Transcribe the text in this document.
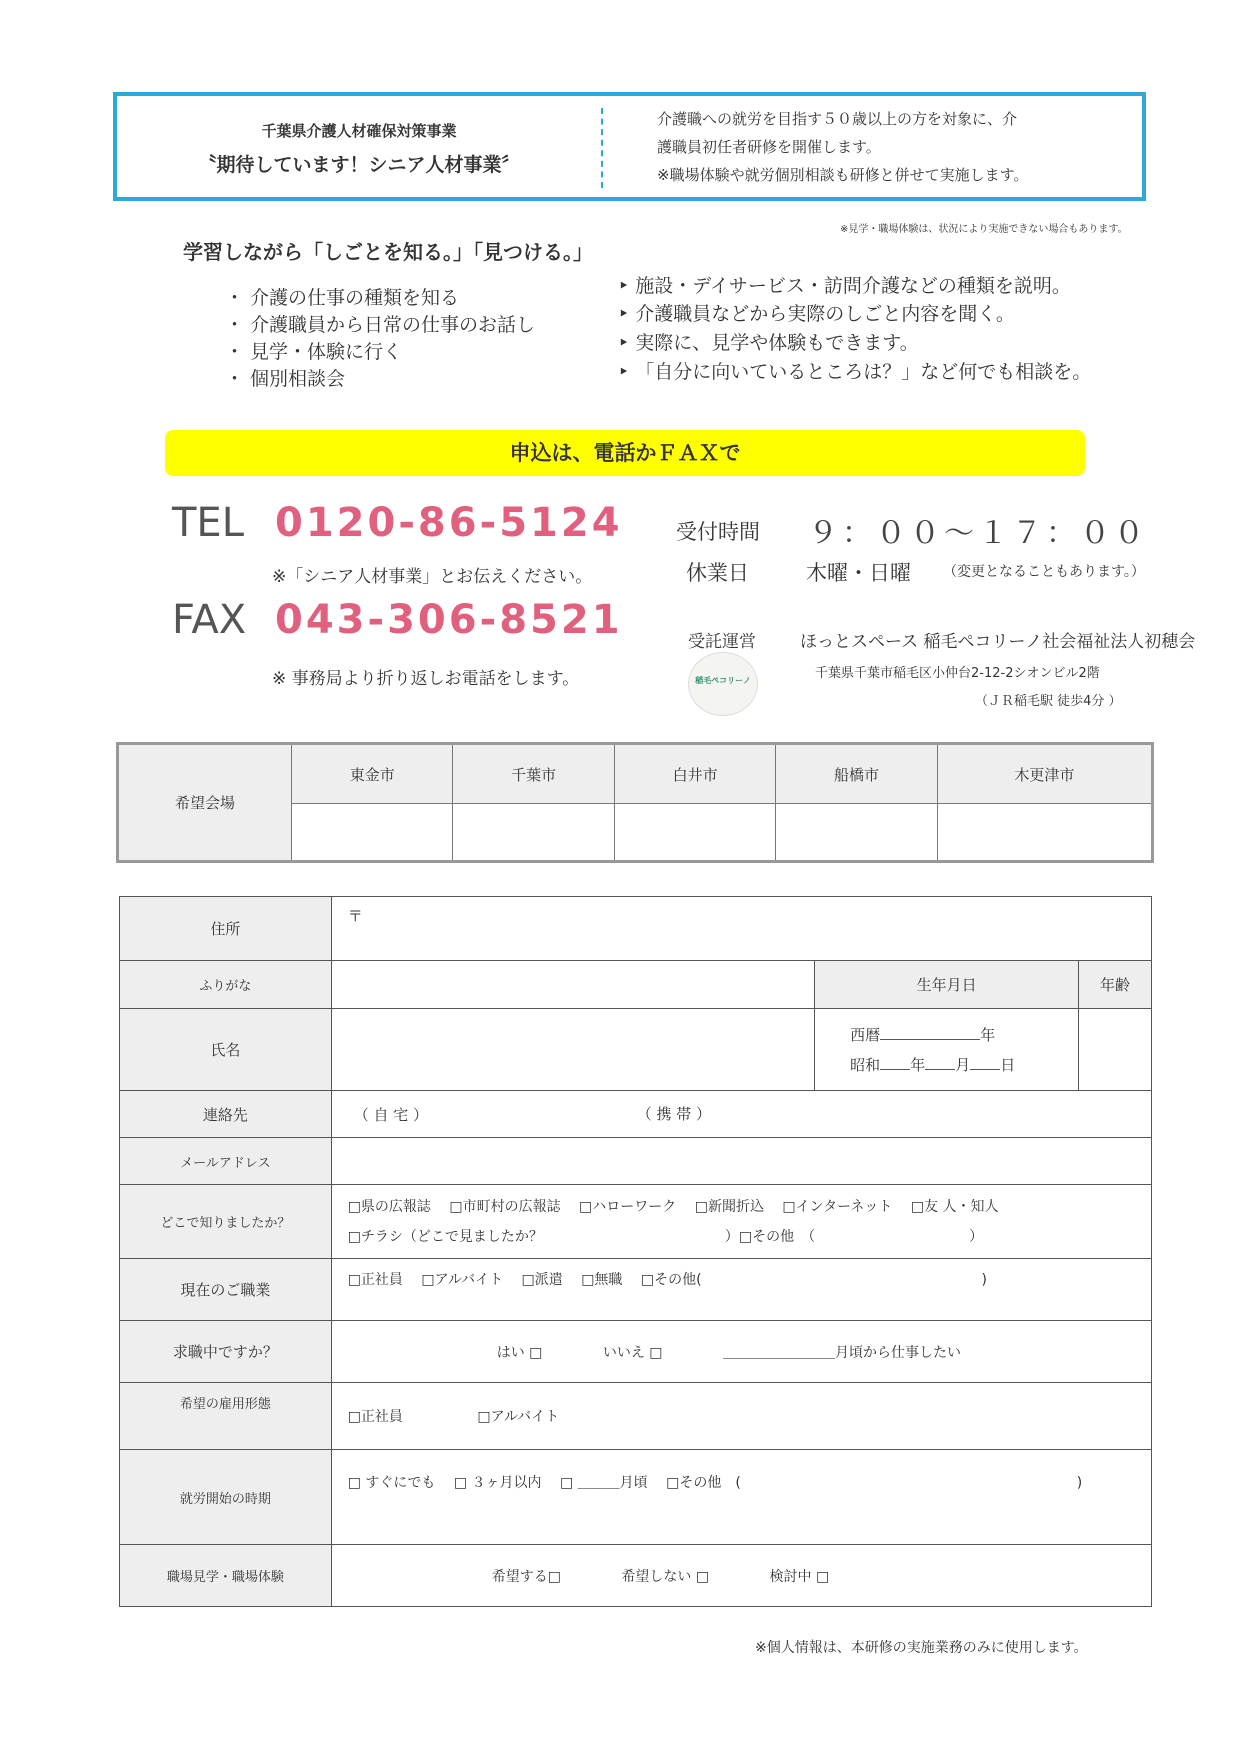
千葉県介護人材確保対策事業
〝期待しています！シニア人材事業〞
介護職への就労を目指す５０歳以上の方を対象に、介
護職員初任者研修を開催します。
※職場体験や就労個別相談も研修と併せて実施します。
※見学・職場体験は、状況により実施できない場合もあります。
学習しながら「しごとを知る。」「見つける。」
・ 介護の仕事の種類を知る
・ 介護職員から日常の仕事のお話し
・ 見学・体験に行く
・ 個別相談会
‣ 施設・デイサービス・訪問介護などの種類を説明。
‣ 介護職員などから実際のしごと内容を聞く。
‣ 実際に、見学や体験もできます。
‣ 「自分に向いているところは？」など何でも相談を。
申込は、電話かＦＡＸで
TEL 0120-86-5124
※「シニア人材事業」とお伝えください。
受付時間 ９：００～１７：００
休業日	木曜・日曜 （変更となることもあります。）
FAX 043-306-8521
※ 事務局より折り返しお電話をします。
受託運営	ほっとスペース 稲毛ペコリーノ社会福祉法人初穂会
稲毛ペコリーノ	千葉県千葉市稲毛区小仲台2-12-2シオンビル2階
（ＪＲ稲毛駅 徒歩4分 ）
希望会場	東金市	千葉市	白井市	船橋市	木更津市

住所	〒		
ふりがな		生年月日	年齢
氏名		西暦 年
昭和 年 月 日	
連絡先	（ 自 宅 ） （ 携 帯 ）		

メールアドレス			
どこで知りましたか？	□県の広報誌　 □市町村の広報誌　 □ハローワーク　 □新聞折込　 □インターネット　 □友 人・知人
□チラシ（どこで見ましたか？　　　　　　　　　　　　　）□その他　（　　　　　　　　　　　）		

現在のご職業	□正社員　 □アルバイト　 □派遣　 □無職　 □その他(　　　　　　　　　　　　　　　　　　　　)		
求職中ですか？	はい □　　　　 いいえ □　　　　 ＿＿＿＿＿＿＿＿月頃から仕事したい		
希望の雇用形態	□正社員　　　　　 □アルバイト		
就労開始の時期	□ すぐにでも　 □ ３ヶ月以内　 □ ＿＿＿月頃　 □その他　(　　　　　　　　　　　　　　　　　　　　　　　　)		
職場見学・職場体験	希望する□　　　　 希望しない □　　　　 検討中 □		
※個人情報は、本研修の実施業務のみに使用します。
